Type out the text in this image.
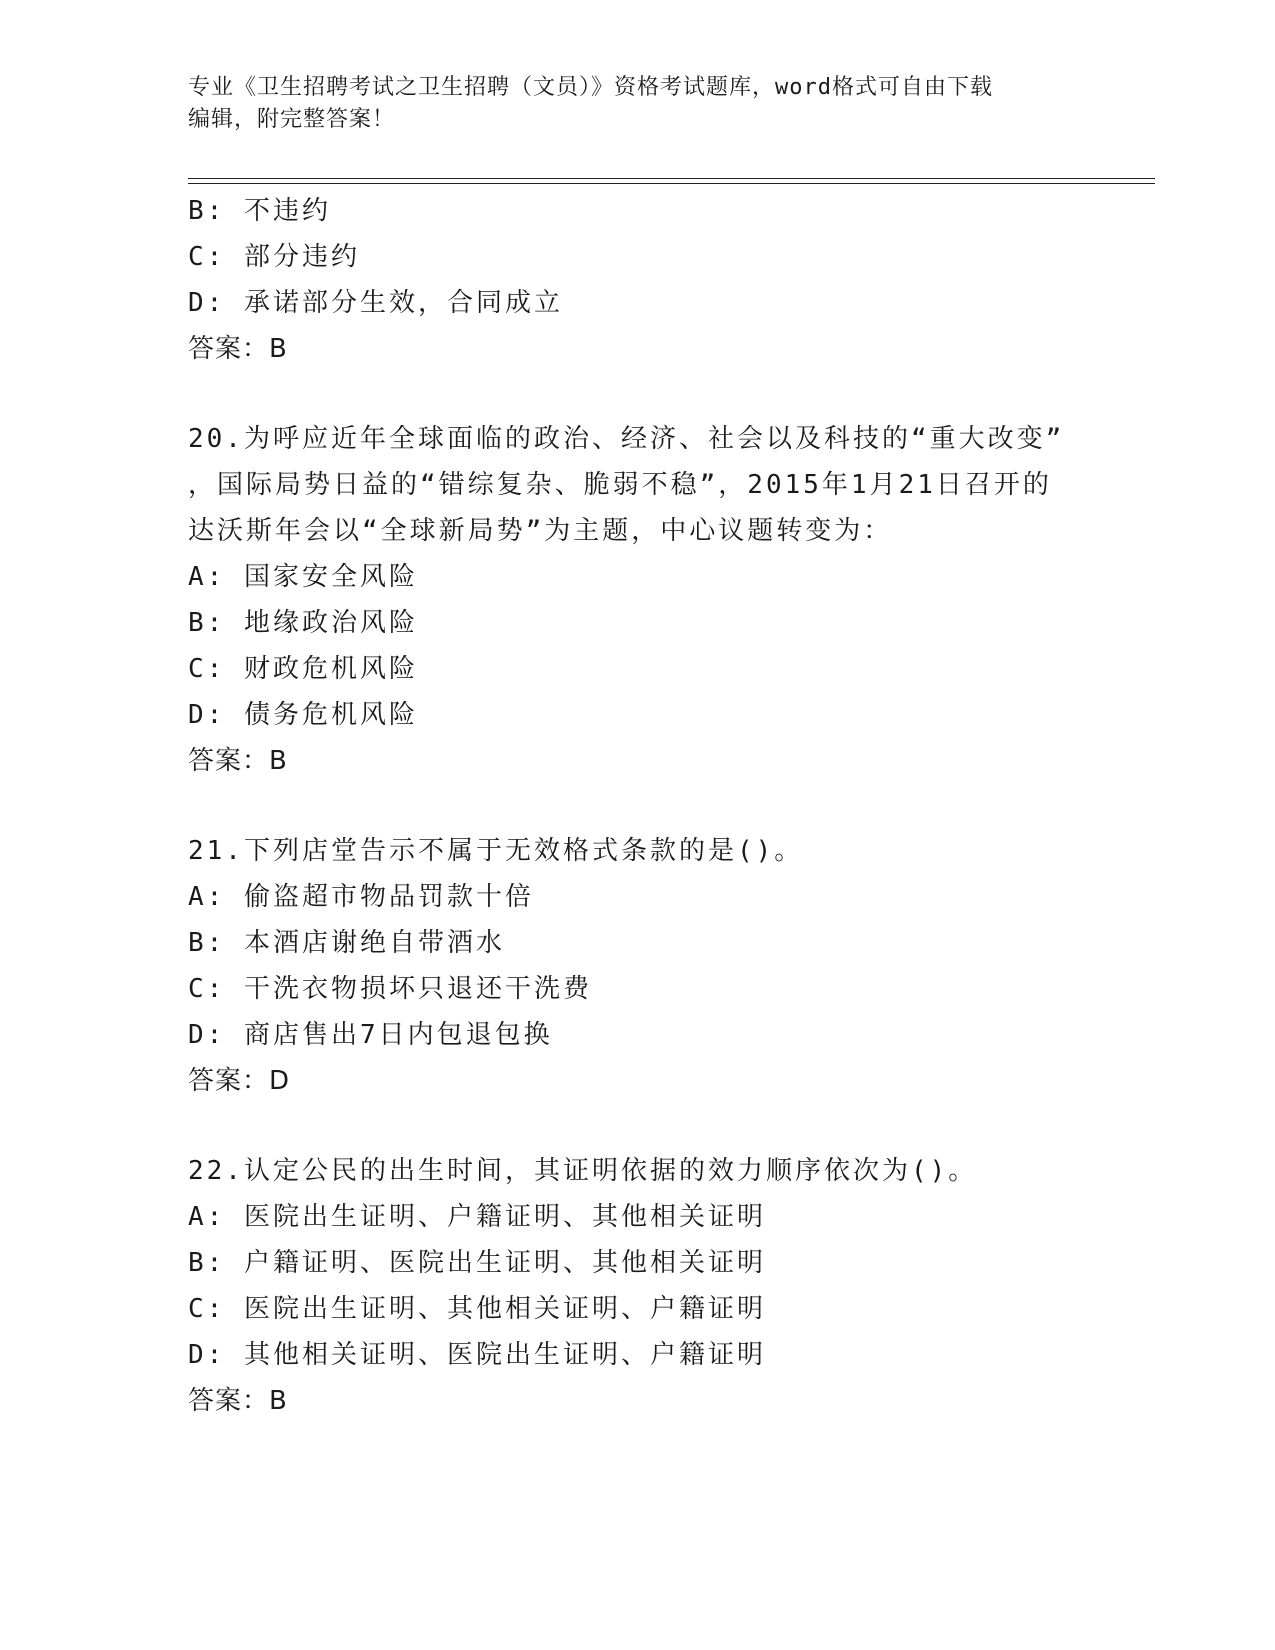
专业《卫生招聘考试之卫生招聘（文员）》资格考试题库，word格式可自由下载
编辑，附完整答案！
B: 不违约
C: 部分违约
D: 承诺部分生效，合同成立
答案：B
20.为呼应近年全球面临的政治、经济、社会以及科技的“重大改变”
，国际局势日益的“错综复杂、脆弱不稳”，2015年1月21日召开的
达沃斯年会以“全球新局势”为主题，中心议题转变为：
A: 国家安全风险
B: 地缘政治风险
C: 财政危机风险
D: 债务危机风险
答案：B
21.下列店堂告示不属于无效格式条款的是()。
A: 偷盗超市物品罚款十倍
B: 本酒店谢绝自带酒水
C: 干洗衣物损坏只退还干洗费
D: 商店售出7日内包退包换
答案：D
22.认定公民的出生时间，其证明依据的效力顺序依次为()。
A: 医院出生证明、户籍证明、其他相关证明
B: 户籍证明、医院出生证明、其他相关证明
C: 医院出生证明、其他相关证明、户籍证明
D: 其他相关证明、医院出生证明、户籍证明
答案：B
